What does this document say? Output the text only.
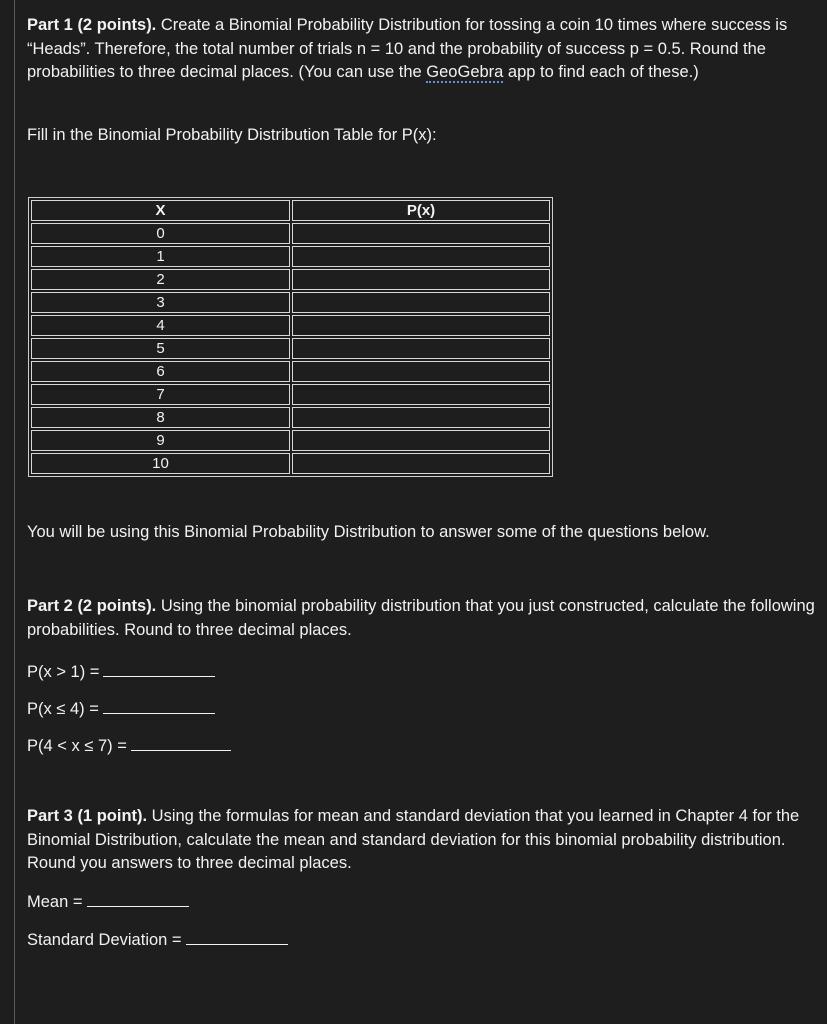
Part 1 (2 points). Create a Binomial Probability Distribution for tossing a coin 10 times where success is “Heads”. Therefore, the total number of trials n = 10 and the probability of success p = 0.5. Round the probabilities to three decimal places. (You can use the GeoGebra app to find each of these.)

Fill in the Binomial Probability Distribution Table for P(x):

X	P(x)
0	
1	
2	
3	
4	
5	
6	
7	
8	
9	
10	

You will be using this Binomial Probability Distribution to answer some of the questions below.

Part 2 (2 points). Using the binomial probability distribution that you just constructed, calculate the following probabilities. Round to three decimal places.

P(x > 1) =

P(x ≤ 4) =

P(4 < x ≤ 7) =

Part 3 (1 point). Using the formulas for mean and standard deviation that you learned in Chapter 4 for the Binomial Distribution, calculate the mean and standard deviation for this binomial probability distribution. Round you answers to three decimal places.

Mean =

Standard Deviation =
